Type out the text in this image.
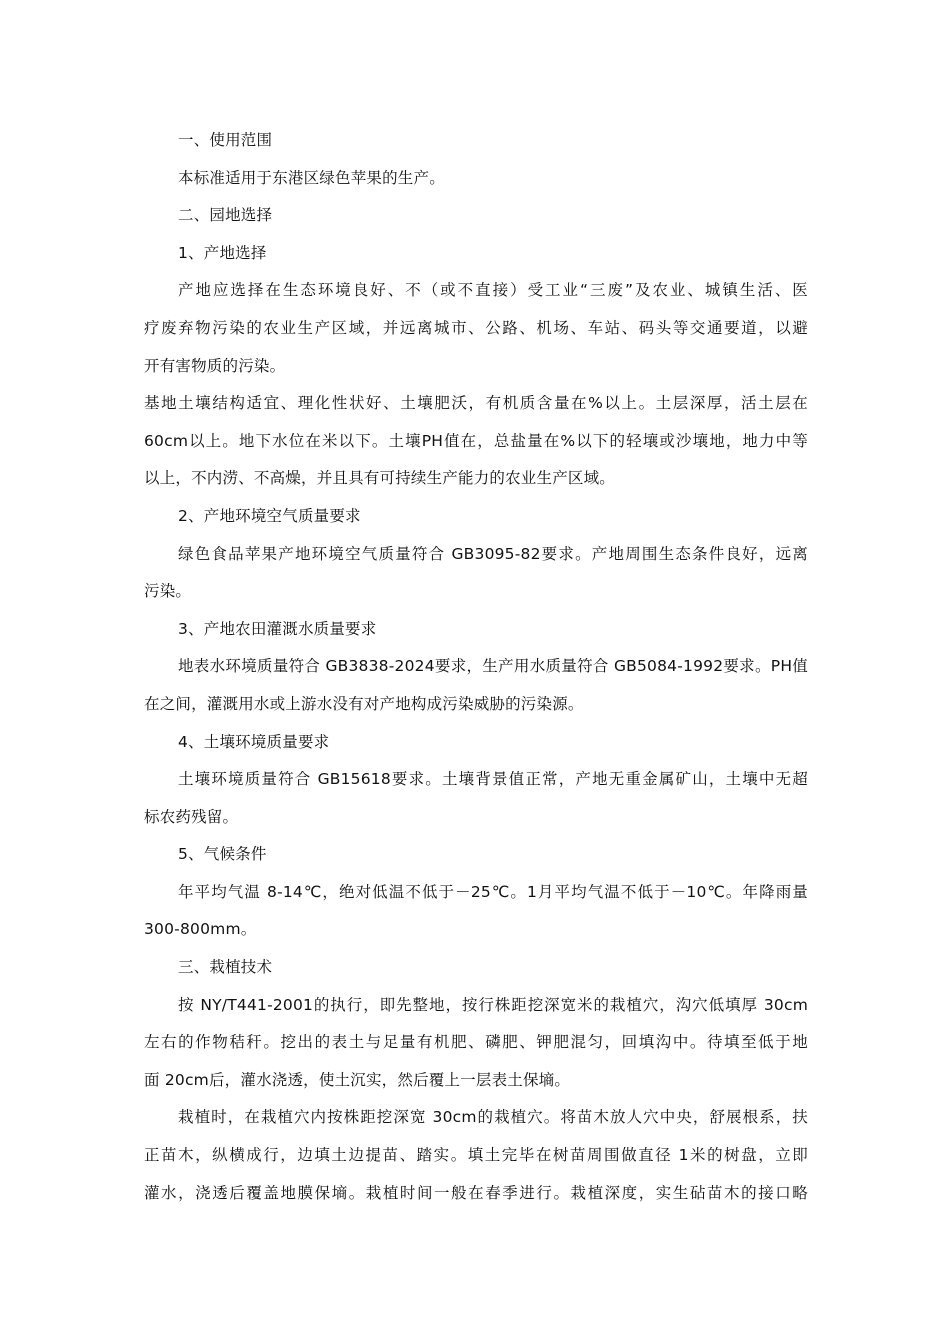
一、使用范围
本标准适用于东港区绿色苹果的生产。
二、园地选择
1、产地选择
产地应选择在生态环境良好、不（或不直接）受工业“三废”及农业、城镇生活、医
疗废弃物污染的农业生产区域，并远离城市、公路、机场、车站、码头等交通要道，以避
开有害物质的污染。
基地土壤结构适宜、理化性状好、土壤肥沃，有机质含量在%以上。土层深厚，活土层在
60cm以上。地下水位在米以下。土壤PH值在，总盐量在%以下的轻壤或沙壤地，地力中等
以上，不内涝、不高燥，并且具有可持续生产能力的农业生产区域。
2、产地环境空气质量要求
绿色食品苹果产地环境空气质量符合 GB3095-82要求。产地周围生态条件良好，远离
污染。
3、产地农田灌溉水质量要求
地表水环境质量符合 GB3838-2024要求，生产用水质量符合 GB5084-1992要求。PH值
在之间，灌溉用水或上游水没有对产地构成污染威胁的污染源。
4、土壤环境质量要求
土壤环境质量符合 GB15618要求。土壤背景值正常，产地无重金属矿山，土壤中无超
标农药残留。
5、气候条件
年平均气温 8-14℃，绝对低温不低于－25℃。1月平均气温不低于－10℃。年降雨量
300-800mm。
三、栽植技术
按 NY/T441-2001的执行，即先整地，按行株距挖深宽米的栽植穴，沟穴低填厚 30cm
左右的作物秸秆。挖出的表土与足量有机肥、磷肥、钾肥混匀，回填沟中。待填至低于地
面 20cm后，灌水浇透，使土沉实，然后覆上一层表土保墒。
栽植时，在栽植穴内按株距挖深宽 30cm的栽植穴。将苗木放人穴中央，舒展根系，扶
正苗木，纵横成行，边填土边提苗、踏实。填土完毕在树苗周围做直径 1米的树盘，立即
灌水，浇透后覆盖地膜保墒。栽植时间一般在春季进行。栽植深度，实生砧苗木的接口略
